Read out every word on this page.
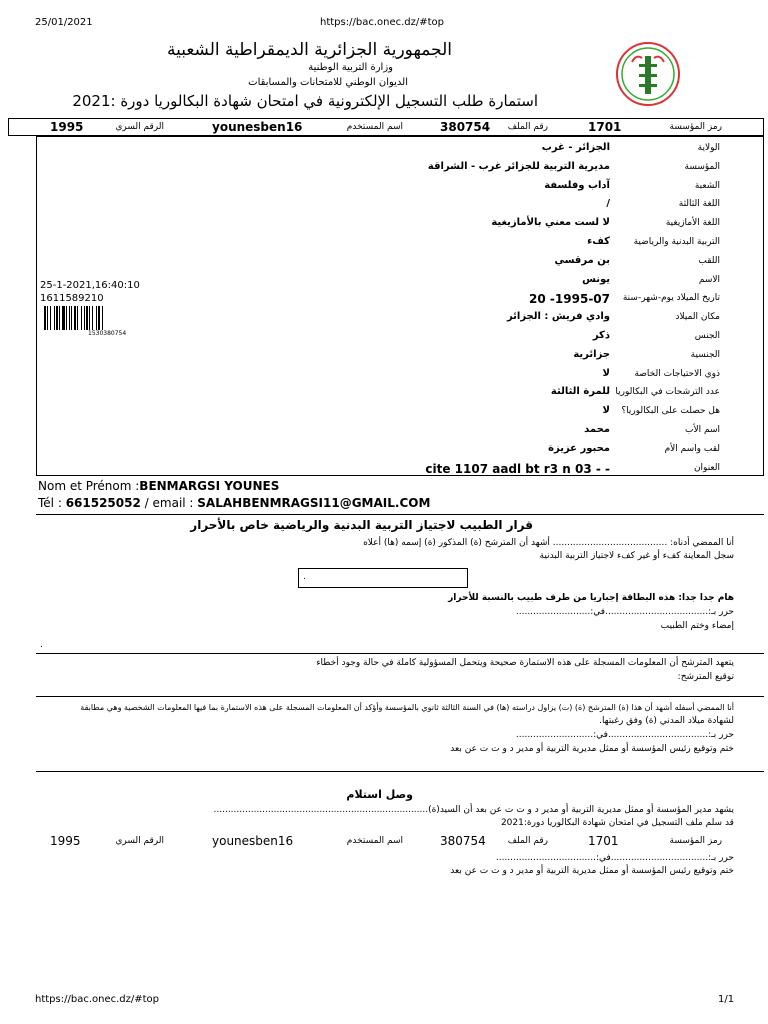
25/01/2021	https://bac.onec.dz/#top
الجمهورية الجزائرية الديمقراطية الشعبية
وزارة التربية الوطنية
الديوان الوطني للامتحانات والمسابقات
استمارة طلب التسجيل الإلكترونية في امتحان شهادة البكالوريا دورة :2021
رمز المؤسسة
1701
رقم الملف
380754
اسم المستخدم
younesben16
الرقم السري
1995
الولاية
الجزائر - غرب
المؤسسة
مديرية التربية للجزائر غرب - الشراقة
الشعبة
آداب وفلسفة
اللغة الثالثة
/
اللغة الأمازيغية
لا لست معني بالأمازيغية
التربية البدنية والرياضية
كفء
اللقب
بن مرقسي
الاسم
يونس
تاريخ الميلاد يوم-شهر-سنة
1995-07- 20
مكان الميلاد
وادي فريش : الجزائر
الجنس
ذكر
الجنسية
جزائرية
ذوي الاحتياجات الخاصة
لا
عدد الترشحات في البكالوريا
للمرة الثالثة
هل حصلت على البكالوريا؟
لا
اسم الأب
محمد
لقب واسم الأم
محبور عزيزة
العنوان
cite 1107 aadl bt r3 n 03 - -
25-1-2021,16:40:10
1611589210
1530380754
Nom et Prénom :BENMARGSI YOUNES
Tél : 661525052 / email : SALAHBENMRAGSI11@GMAIL.COM
قرار الطبيب لاجتياز التربية البدنية والرياضية خاص بالأحرار
أنا الممضي أدناه: ........................................ أشهد أن المترشح (ة) المذكور (ة) إسمه (ها) أعلاه
سجل المعاينة كفء أو غير كفء لاجتياز التربية البدنية
.
هام جدا جدا: هذه البطاقة إجباريا من طرف طبيب بالنسبة للأحرار
حرر بـ:....................................في:..........................
إمضاء وختم الطبيب
.
يتعهد المترشح أن المعلومات المسجلة على هذه الاستمارة صحيحة ويتحمل المسؤولية كاملة في حالة وجود أخطاء
توقيع المترشح:
أنا الممضي أسفله أشهد أن هذا (ة) المترشح (ة) (ت) يزاول دراسته (ها) في السنة الثالثة ثانوي بالمؤسسة وأؤكد أن المعلومات المسجلة على هذه الاستمارة بما فيها المعلومات الشخصية وهي مطابقة
لشهادة ميلاد المدني (ة) وفق رغبتها.
حرر بـ:...................................في:...........................
ختم وتوقيع رئيس المؤسسة أو ممثل مديرية التربية أو مدير د و ت ت عن بعد
وصل استلام
يشهد مدير المؤسسة أو ممثل مديرية التربية أو مدير د و ت ت عن بعد أن السيد(ة)...........................................................................
قد سلم ملف التسجيل في امتحان شهادة البكالوريا دورة:2021
رمز المؤسسة
1701
رقم الملف
380754
اسم المستخدم
younesben16
الرقم السري
1995
حرر بـ:..................................في:...................................
ختم وتوقيع رئيس المؤسسة أو ممثل مديرية التربية أو مدير د و ت ت عن بعد
https://bac.onec.dz/#top	1/1
